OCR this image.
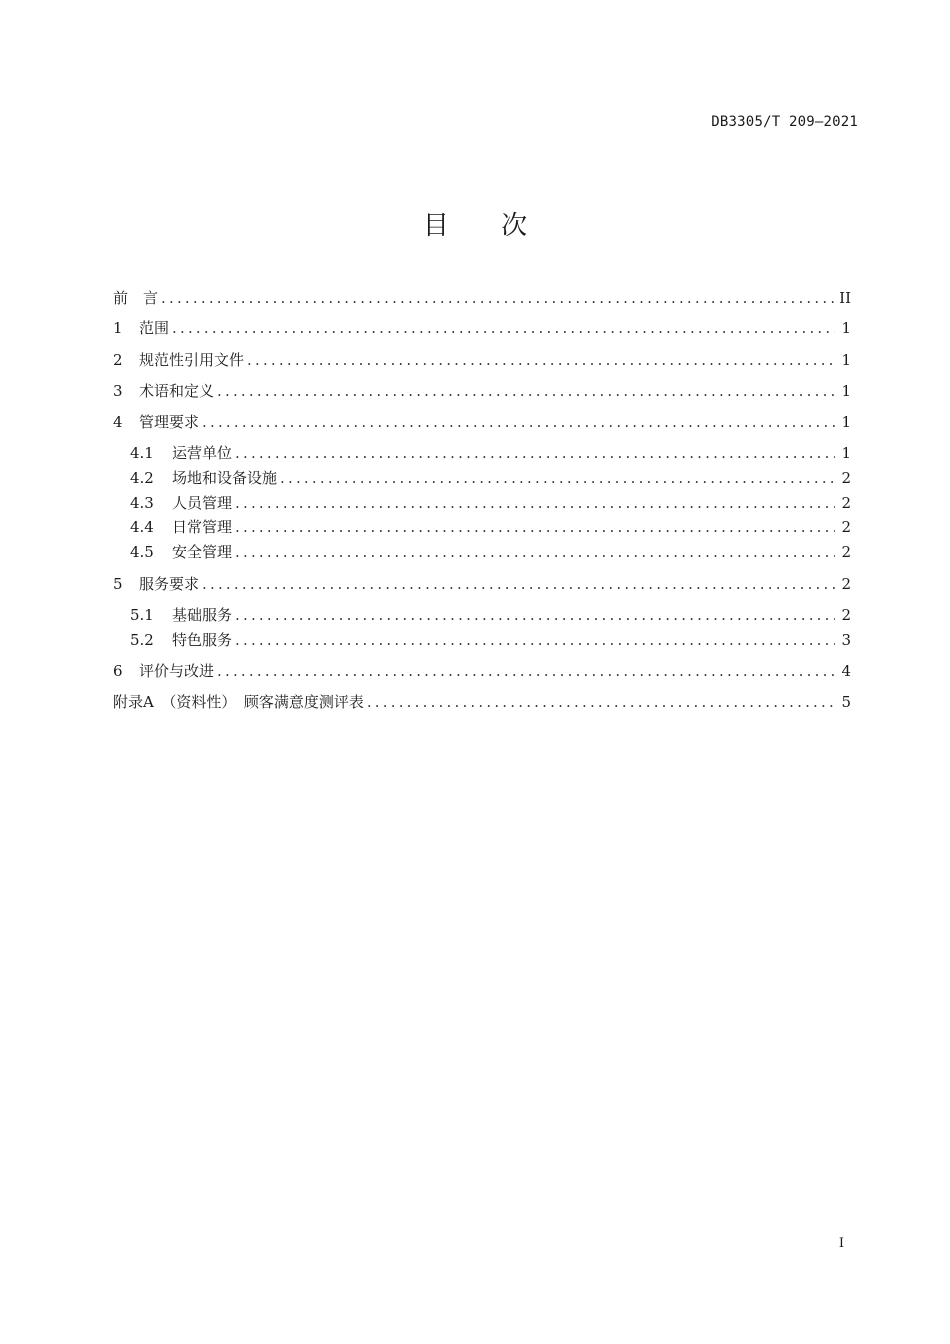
DB3305/T 209—2021
目 次
前　言 .....	II
1	范围 .....	1
2	规范性引用文件 .....	1
3	术语和定义 .....	1
4	管理要求 .....	1
4.1	运营单位 .....	1
4.2	场地和设备设施 .....	2
4.3	人员管理 .....	2
4.4	日常管理 .....	2
4.5	安全管理 .....	2
5	服务要求 .....	2
5.1	基础服务 .....	2
5.2	特色服务 .....	3
6	评价与改进 .....	4
附录A　（资料性）　顾客满意度测评表 .....	5
I
